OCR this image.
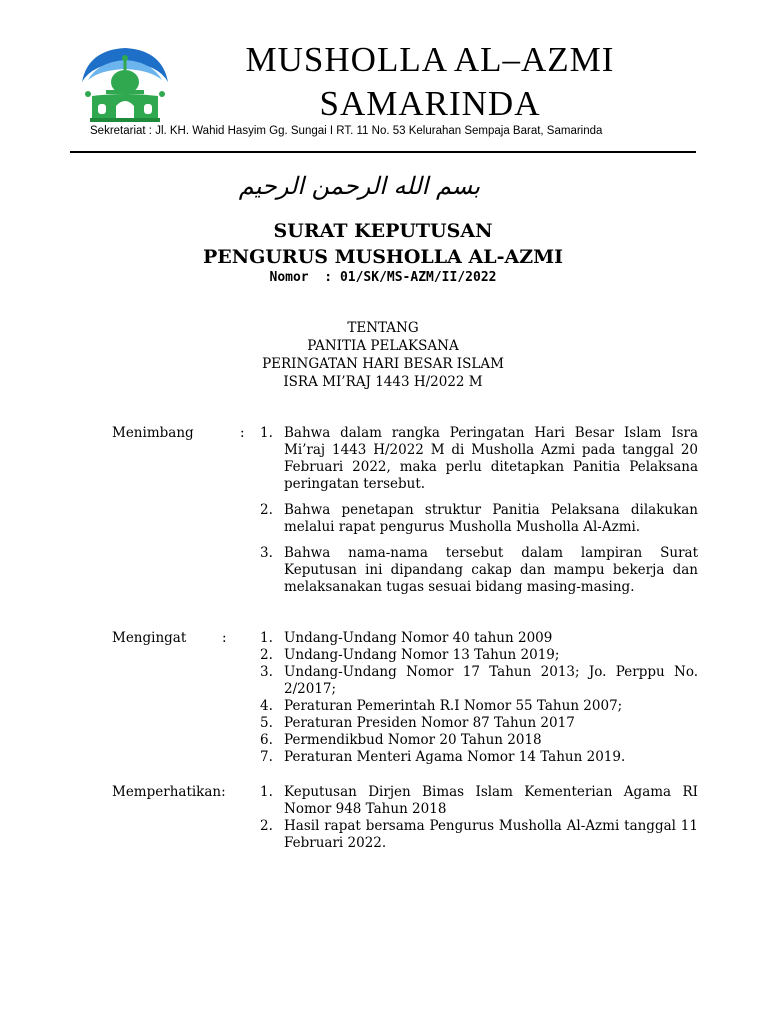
MUSHOLLA AL–AZMI
SAMARINDA
Sekretariat : Jl. KH. Wahid Hasyim Gg. Sungai I RT. 11 No. 53 Kelurahan Sempaja Barat, Samarinda
بسم الله الرحمن الرحيم
SURAT KEPUTUSAN
PENGURUS MUSHOLLA AL-AZMI
Nomor  : 01/SK/MS-AZM/II/2022
TENTANG
PANITIA PELAKSANA
PERINGATAN HARI BESAR ISLAM
ISRA MI’RAJ 1443 H/2022 M
Menimbang	: 1. Bahwa dalam rangka Peringatan Hari Besar Islam Isra Mi’raj 1443 H/2022 M di Musholla Azmi pada tanggal 20 Februari 2022, maka perlu ditetapkan Panitia Pelaksana peringatan tersebut.
2. Bahwa penetapan struktur Panitia Pelaksana dilakukan melalui rapat pengurus Musholla Musholla Al-Azmi.
3. Bahwa nama-nama tersebut dalam lampiran Surat Keputusan ini dipandang cakap dan mampu bekerja dan melaksanakan tugas sesuai bidang masing-masing.
Mengingat	: 1. Undang-Undang Nomor 40 tahun 2009
2. Undang-Undang Nomor 13 Tahun 2019;
3. Undang-Undang Nomor 17 Tahun 2013; Jo. Perppu No. 2/2017;
4. Peraturan Pemerintah R.I Nomor 55 Tahun 2007;
5. Peraturan Presiden Nomor 87 Tahun 2017
6. Permendikbud Nomor 20 Tahun 2018
7. Peraturan Menteri Agama Nomor 14 Tahun 2019.
Memperhatikan:	1. Keputusan Dirjen Bimas Islam Kementerian Agama RI Nomor 948 Tahun 2018
2. Hasil rapat bersama Pengurus Musholla Al-Azmi tanggal 11 Februari 2022.
